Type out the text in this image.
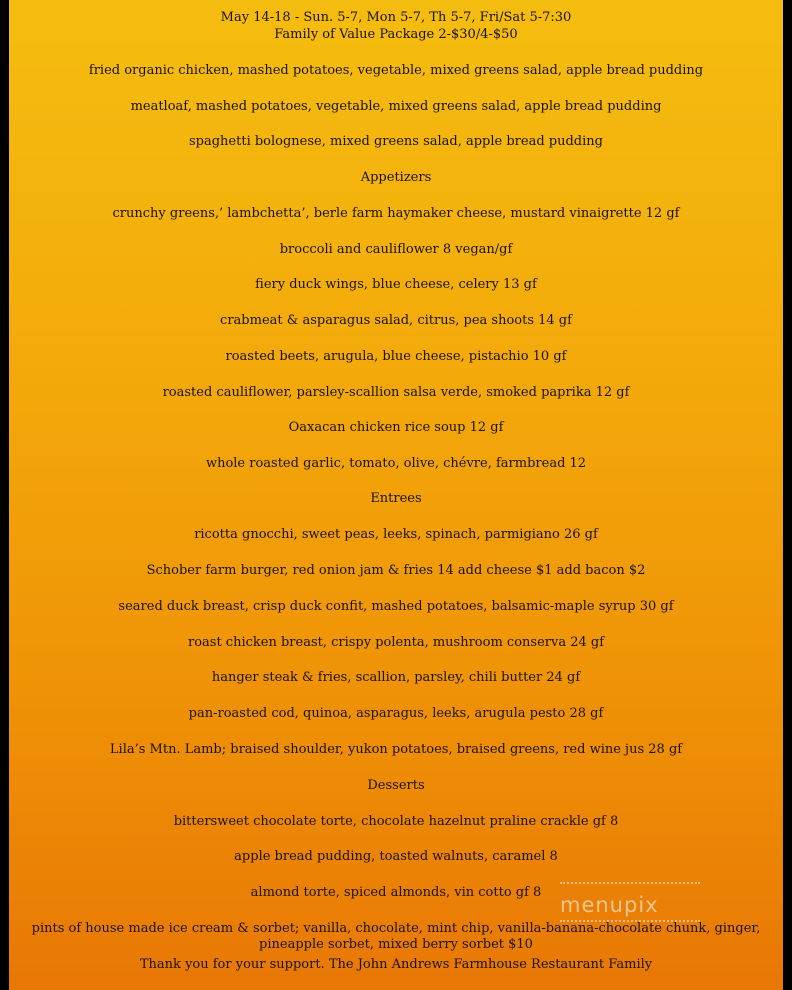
May 14-18 - Sun. 5-7, Mon 5-7, Th 5-7, Fri/Sat 5-7:30
Family of Value Package 2-$30/4-$50
fried organic chicken, mashed potatoes, vegetable, mixed greens salad, apple bread pudding
meatloaf, mashed potatoes, vegetable, mixed greens salad, apple bread pudding
spaghetti bolognese, mixed greens salad, apple bread pudding
Appetizers
crunchy greens,’ lambchetta’, berle farm haymaker cheese, mustard vinaigrette 12 gf
broccoli and cauliflower 8 vegan/gf
fiery duck wings, blue cheese, celery 13 gf
crabmeat & asparagus salad, citrus, pea shoots 14 gf
roasted beets, arugula, blue cheese, pistachio 10 gf
roasted cauliflower, parsley-scallion salsa verde, smoked paprika 12 gf
Oaxacan chicken rice soup 12 gf
whole roasted garlic, tomato, olive, chévre, farmbread 12
Entrees
ricotta gnocchi, sweet peas, leeks, spinach, parmigiano 26 gf
Schober farm burger, red onion jam & fries 14 add cheese $1 add bacon $2
seared duck breast, crisp duck confit, mashed potatoes, balsamic-maple syrup 30 gf
roast chicken breast, crispy polenta, mushroom conserva 24 gf
hanger steak & fries, scallion, parsley, chili butter 24 gf
pan-roasted cod, quinoa, asparagus, leeks, arugula pesto 28 gf
Lila’s Mtn. Lamb; braised shoulder, yukon potatoes, braised greens, red wine jus 28 gf
Desserts
bittersweet chocolate torte, chocolate hazelnut praline crackle gf 8
apple bread pudding, toasted walnuts, caramel 8
almond torte, spiced almonds, vin cotto gf 8
pints of house made ice cream & sorbet; vanilla, chocolate, mint chip, vanilla-banana-chocolate chunk, ginger, pineapple sorbet, mixed berry sorbet $10
Thank you for your support. The John Andrews Farmhouse Restaurant Family
menupix
